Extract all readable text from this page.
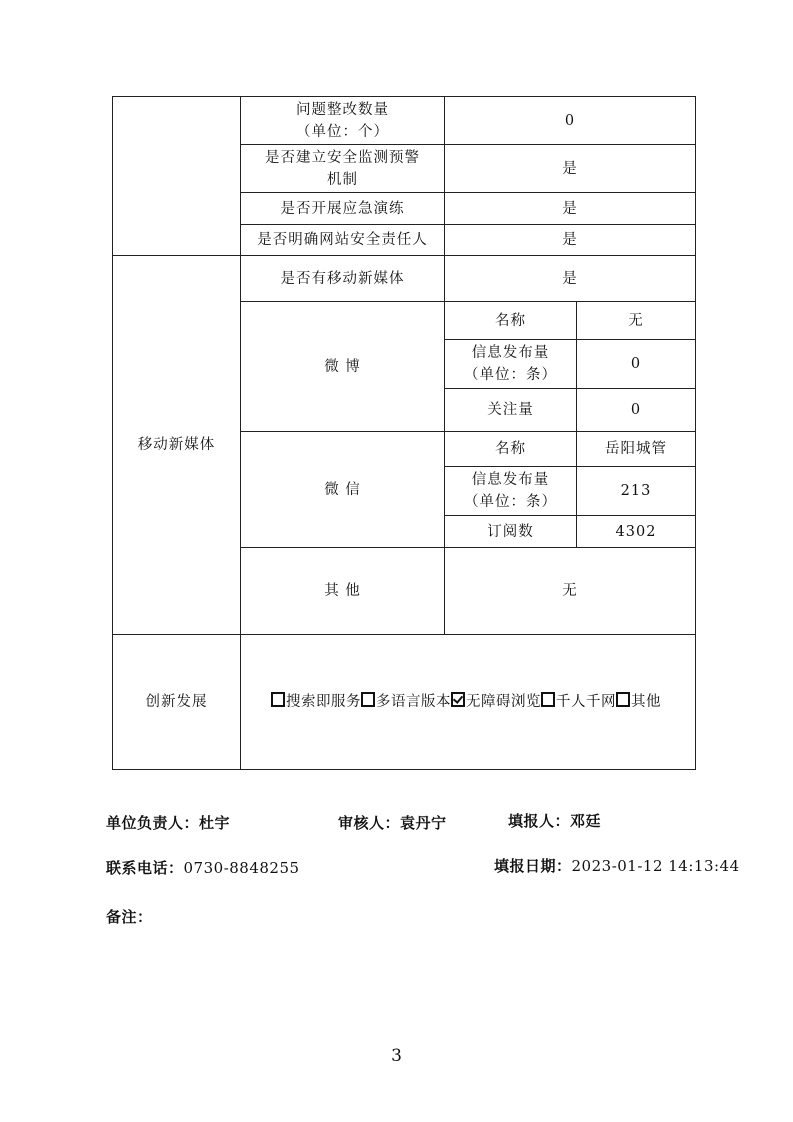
	问题整改数量
（单位：个）	0	

	是否建立安全监测预警
机制	是	
	是否开展应急演练	是	
	是否明确网站安全责任人	是	
移动新媒体	是否有移动新媒体	是	
	微 博	名称	无

		信息发布量
（单位：条）	0
		关注量	0
	微 信	名称	岳阳城管

		信息发布量
（单位：条）	213
		订阅数	4302
	其 他	无	
创新发展	搜索即服务 多语言版本 无障碍浏览 千人千网 其他		
单位负责人：杜宇	审核人：袁丹宁	填报人：邓廷
联系电话：0730-8848255	填报日期：2023-01-12 14:13:44
备注：
3
